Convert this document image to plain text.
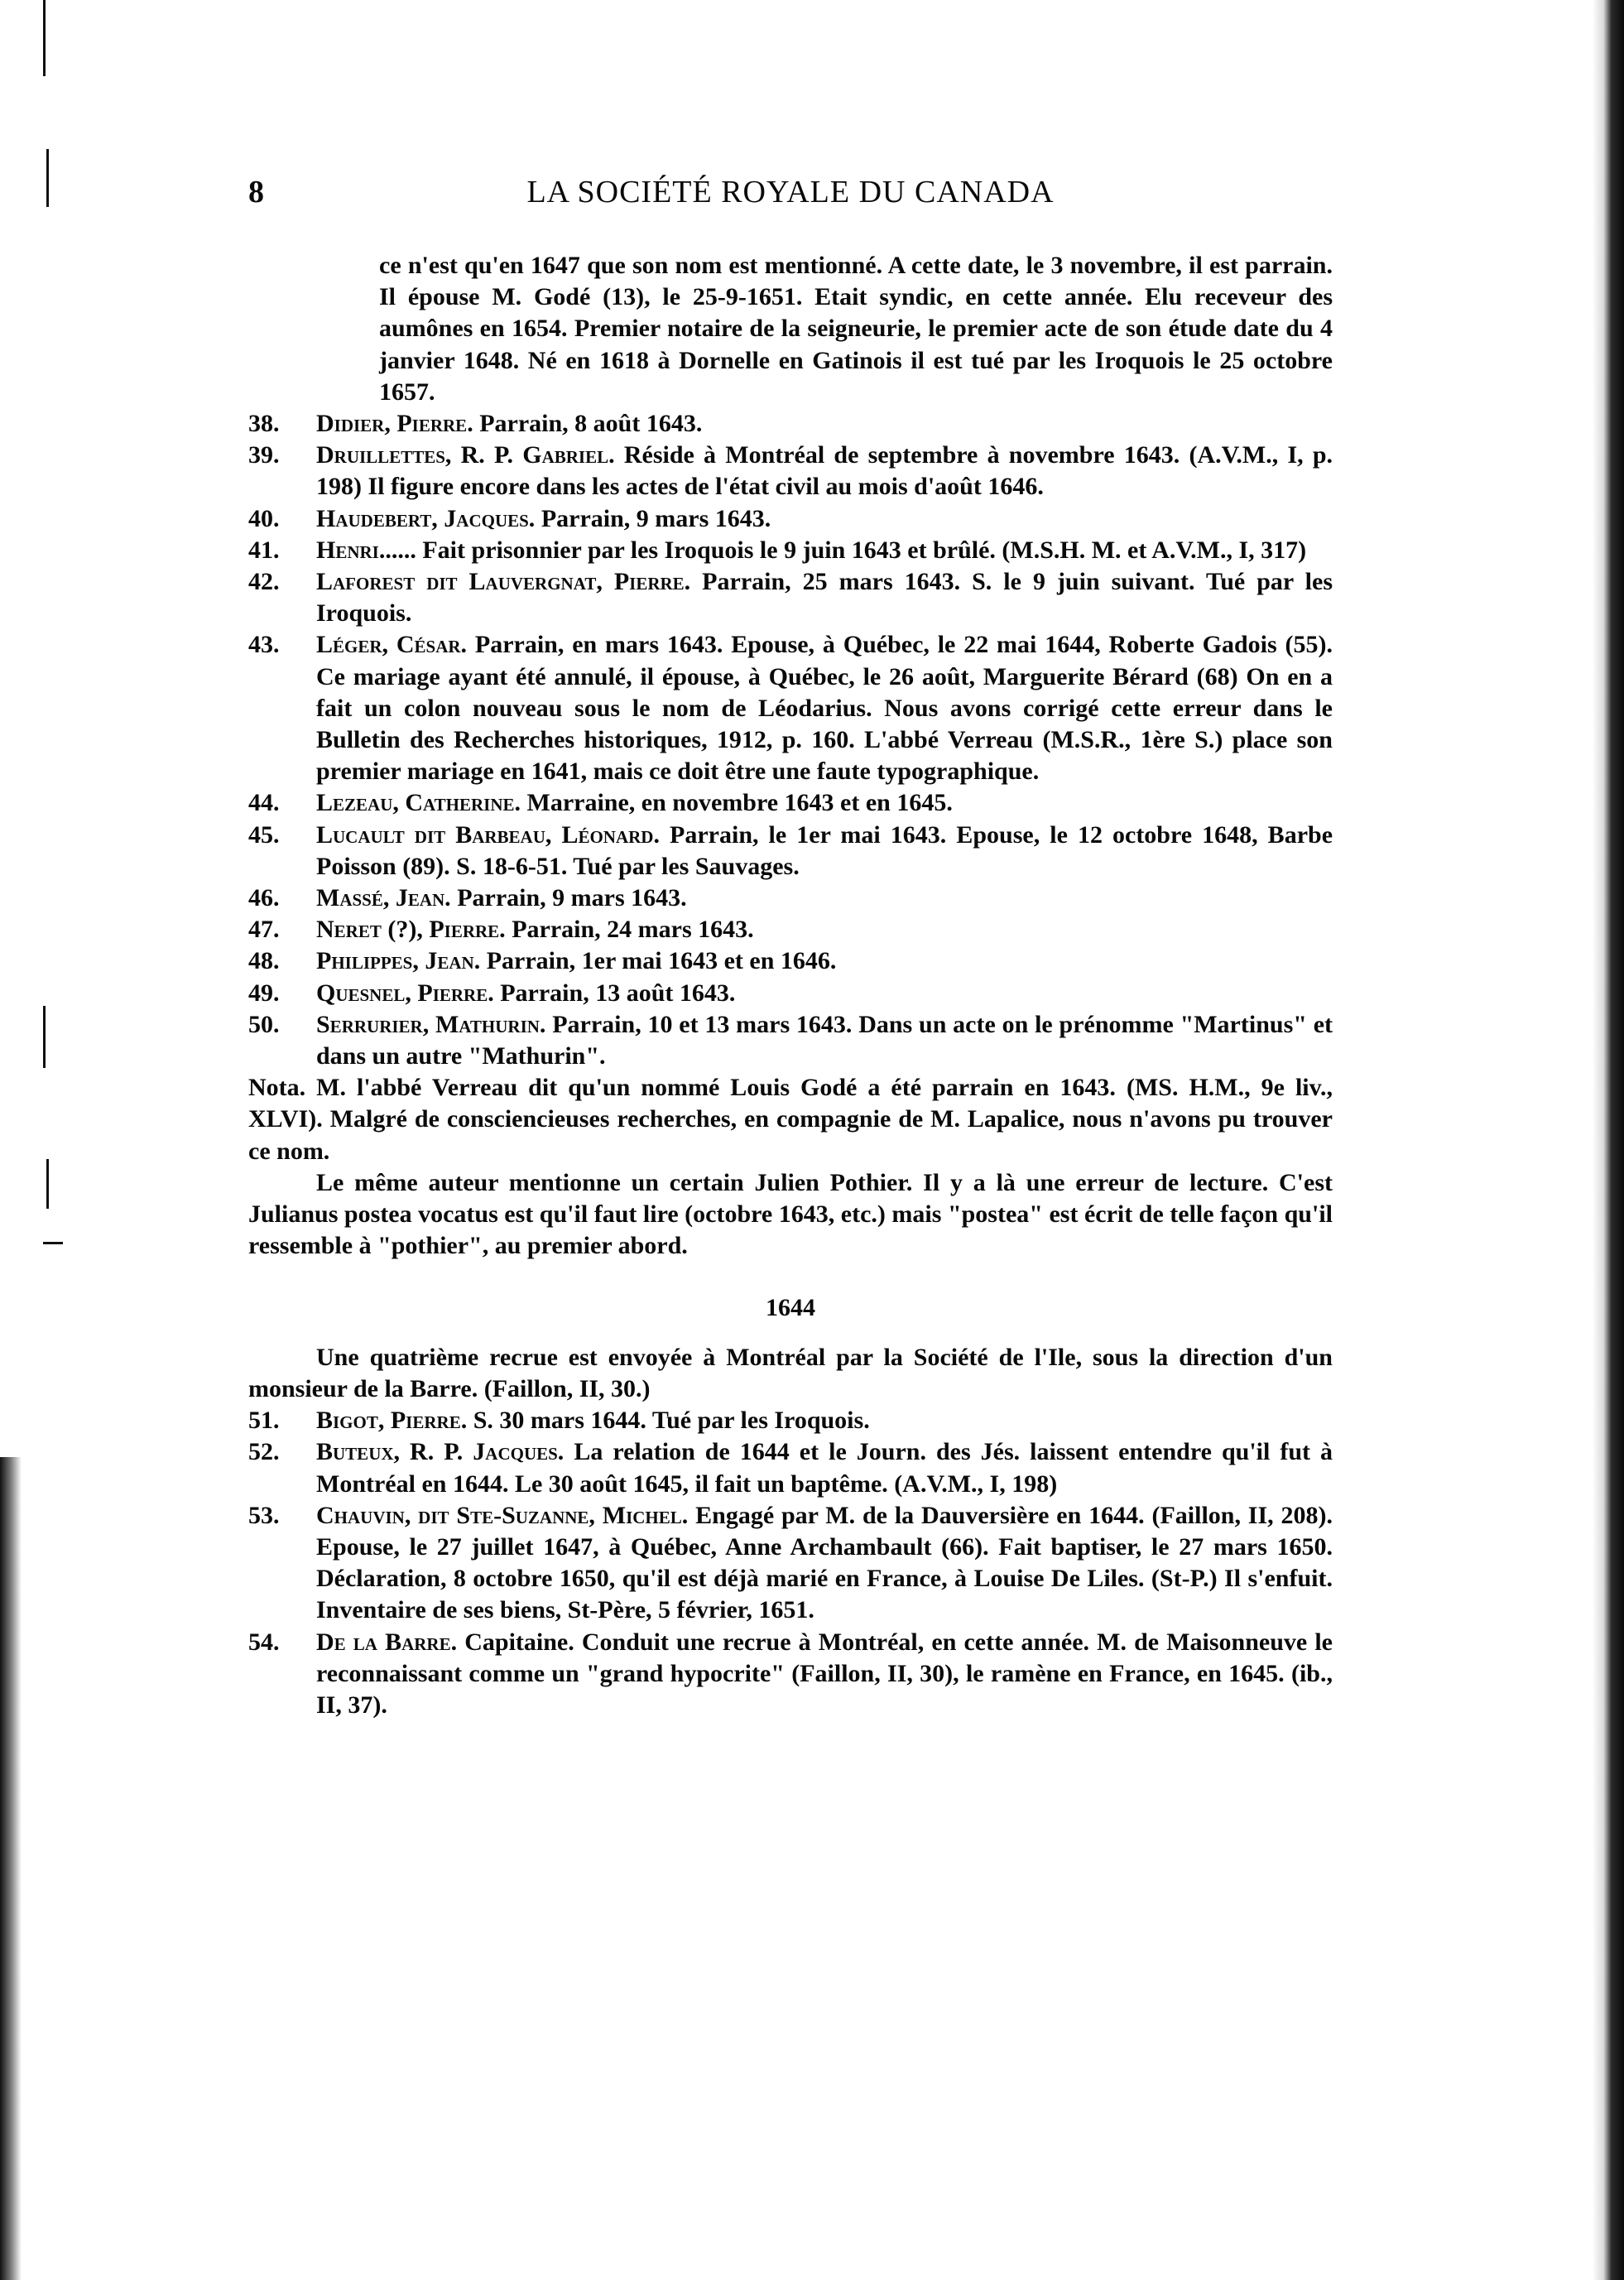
8	LA SOCIÉTÉ ROYALE DU CANADA

ce n'est qu'en 1647 que son nom est mentionné. A cette date, le 3 novembre, il est parrain. Il épouse M. Godé (13), le 25-9-1651. Etait syndic, en cette année. Elu receveur des aumônes en 1654. Premier notaire de la seigneurie, le premier acte de son étude date du 4 janvier 1648. Né en 1618 à Dornelle en Gatinois il est tué par les Iroquois le 25 octobre 1657.

38.	Didier, Pierre. Parrain, 8 août 1643.
39.	Druillettes, R. P. Gabriel. Réside à Montréal de septembre à novembre 1643. (A.V.M., I, p. 198) Il figure encore dans les actes de l'état civil au mois d'août 1646.
40.	Haudebert, Jacques. Parrain, 9 mars 1643.
41.	Henri...... Fait prisonnier par les Iroquois le 9 juin 1643 et brûlé. (M.S.H. M. et A.V.M., I, 317)
42.	Laforest dit Lauvergnat, Pierre. Parrain, 25 mars 1643. S. le 9 juin suivant. Tué par les Iroquois.
43.	Léger, César. Parrain, en mars 1643. Epouse, à Québec, le 22 mai 1644, Roberte Gadois (55). Ce mariage ayant été annulé, il épouse, à Québec, le 26 août, Marguerite Bérard (68) On en a fait un colon nouveau sous le nom de Léodarius. Nous avons corrigé cette erreur dans le Bulletin des Recherches historiques, 1912, p. 160. L'abbé Verreau (M.S.R., 1ère S.) place son premier mariage en 1641, mais ce doit être une faute typographique.
44.	Lezeau, Catherine. Marraine, en novembre 1643 et en 1645.
45.	Lucault dit Barbeau, Léonard. Parrain, le 1er mai 1643. Epouse, le 12 octobre 1648, Barbe Poisson (89). S. 18-6-51. Tué par les Sauvages.
46.	Massé, Jean. Parrain, 9 mars 1643.
47.	Neret (?), Pierre. Parrain, 24 mars 1643.
48.	Philippes, Jean. Parrain, 1er mai 1643 et en 1646.
49.	Quesnel, Pierre. Parrain, 13 août 1643.
50.	Serrurier, Mathurin. Parrain, 10 et 13 mars 1643. Dans un acte on le prénomme "Martinus" et dans un autre "Mathurin".

Nota. M. l'abbé Verreau dit qu'un nommé Louis Godé a été parrain en 1643. (MS. H.M., 9e liv., XLVI). Malgré de consciencieuses recherches, en compagnie de M. Lapalice, nous n'avons pu trouver ce nom.

Le même auteur mentionne un certain Julien Pothier. Il y a là une erreur de lecture. C'est Julianus postea vocatus est qu'il faut lire (octobre 1643, etc.) mais "postea" est écrit de telle façon qu'il ressemble à "pothier", au premier abord.

1644

Une quatrième recrue est envoyée à Montréal par la Société de l'Ile, sous la direction d'un monsieur de la Barre. (Faillon, II, 30.)

51.	Bigot, Pierre. S. 30 mars 1644. Tué par les Iroquois.
52.	Buteux, R. P. Jacques. La relation de 1644 et le Journ. des Jés. laissent entendre qu'il fut à Montréal en 1644. Le 30 août 1645, il fait un baptême. (A.V.M., I, 198)
53.	Chauvin, dit Ste-Suzanne, Michel. Engagé par M. de la Dauversière en 1644. (Faillon, II, 208). Epouse, le 27 juillet 1647, à Québec, Anne Archambault (66). Fait baptiser, le 27 mars 1650. Déclaration, 8 octobre 1650, qu'il est déjà marié en France, à Louise De Liles. (St-P.) Il s'enfuit. Inventaire de ses biens, St-Père, 5 février, 1651.
54.	De la Barre. Capitaine. Conduit une recrue à Montréal, en cette année. M. de Maisonneuve le reconnaissant comme un "grand hypocrite" (Faillon, II, 30), le ramène en France, en 1645. (ib., II, 37).
